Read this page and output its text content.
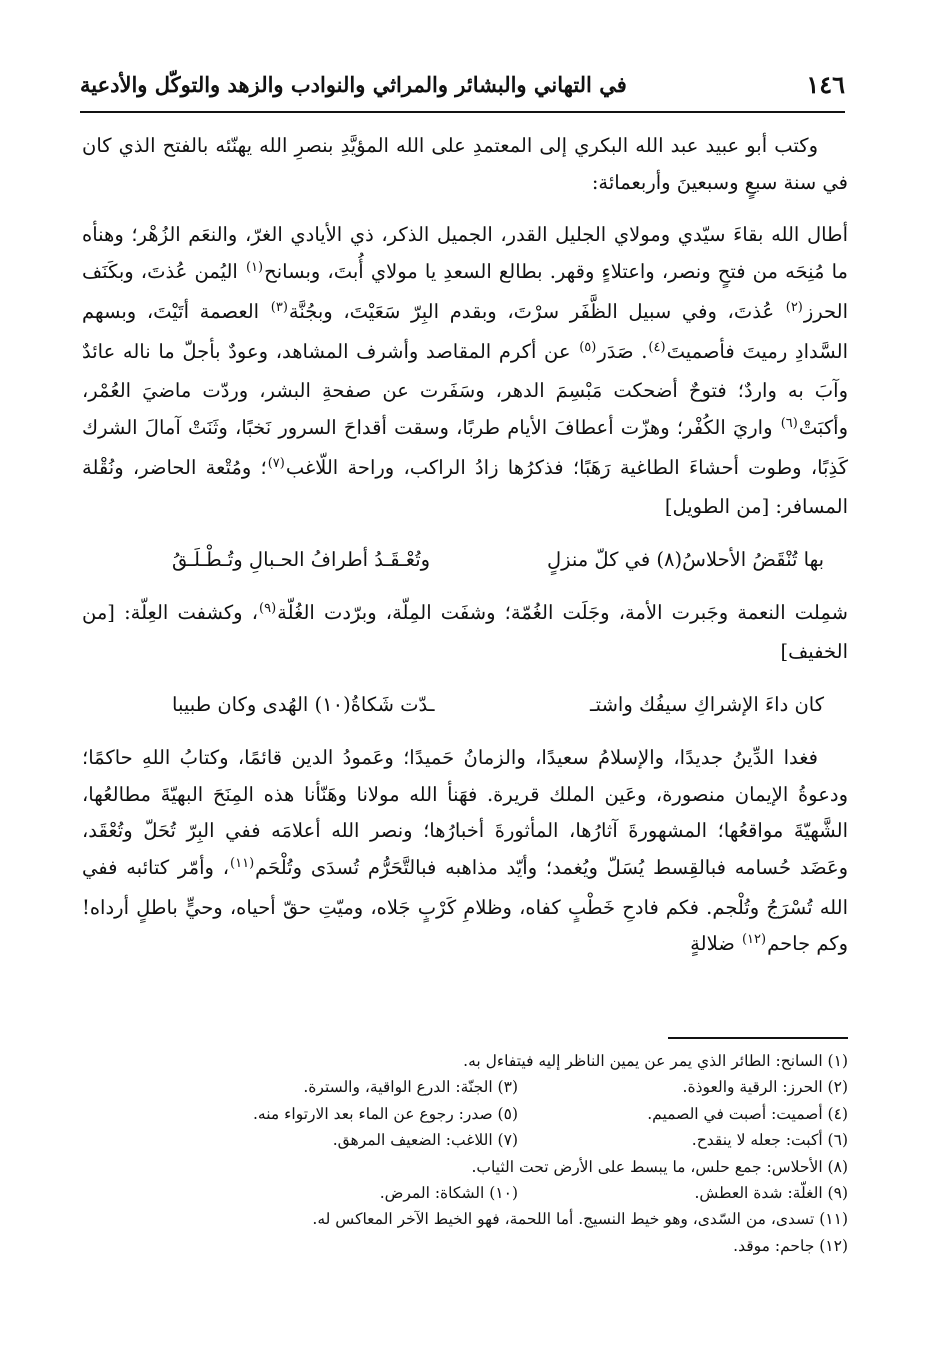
١٤٦
في التهاني والبشائر والمراثي والنوادب والزهد والتوكّل والأدعية

وكتب أبو عبيد عبد الله البكري إلى المعتمدِ على الله المؤيَّدِ بنصرِ الله يهنّئه بالفتح الذي كان في سنة سبعٍ وسبعينَ وأربعمائة:

أطال الله بقاءَ سيّدي ومولاي الجليل القدر، الجميل الذكر، ذي الأيادي الغرّ، والنعَم الزُهْر؛ وهنأه ما مُنِحَه من فتحٍ ونصر، واعتلاءٍ وقهر. بطالع السعدِ يا مولاي أُبتَ، وبسانح$^{(١)}$ اليُمن عُذتَ، وبكَنَف الحرز$^{(٢)}$ عُذتَ، وفي سبيل الظَّفَر سرْتَ، وبقدم البِرّ سَعَيْتَ، وبجُنَّة$^{(٣)}$ العصمة أتَيْتَ، وبسهم السَّدادِ رميتَ فأصميتَ$^{(٤)}$. صَدَر$^{(٥)}$ عن أكرم المقاصد وأشرف المشاهد، وعودٌ بأجلّ ما ناله عائدٌ وآبَ به واردٌ؛ فتوحٌ أضحكت مَبْسِمَ الدهر، وسَفَرت عن صفحةِ البشر، وردّت ماضيَ العُمْر، وأكبَتْ$^{(٦)}$ واريَ الكُفْر؛ وهزّت أعطافَ الأيام طربًا، وسقت أقداحَ السرور نَخبًا، وثَنَتْ آمالَ الشرك كَذِبًا، وطوت أحشاءَ الطاغية رَهَبًا؛ فذكرُها زادُ الراكب، وراحة اللّاغب$^{(٧)}$؛ ومُتْعة الحاضر، ونُقْلة المسافر: [من الطويل]

بها تُنْقَضُ الأحلاسُ(٨) في كلّ منزلٍ
وتُعْـقَـدُ أطرافُ الحـبالِ وتُـطْـلَـقُ

شمِلت النعمة وجَبرت الأمة، وجَلَت الغُمّة؛ وشفَت المِلّة، وبرّدت الغُلّة$^{(٩)}$، وكشفت العِلّة: [من الخفيف]

كان داءَ الإشراكِ سيفُك واشتـ
ـدّت شَكاةُ(١٠) الهُدى وكان طبيبا

فغدا الدِّينُ جديدًا، والإسلامُ سعيدًا، والزمانُ حَميدًا؛ وعَمودُ الدين قائمًا، وكتابُ اللهِ حاكمًا؛ ودعوةُ الإيمان منصورة، وعَين الملك قريرة. فهَنأ الله مولانا وهَنّأنا هذه المِنَحَ البهيّةَ مطالعُها، الشَّهيّةَ مواقعُها؛ المشهورةَ آثارُها، المأثورةَ أخبارُها؛ ونصر الله أعلامَه ففي البِرّ تُحَلّ وتُعْقَد، وعَضَد حُسامه فبالقِسط يُسَلّ ويُغمد؛ وأيّد مذاهبه فبالتَّحَرُّم تُسدَى وتُلْحَم$^{(١١)}$، وأمّر كتائبه ففي الله تُسْرَجُ وتُلْجم. فكم فادحِ خَطْبٍ كفاه، وظلامِ كَرْبٍ جَلاه، وميّتِ حقّ أحياه، وحيٍّ باطلٍ أرداه! وكم جاحم$^{(١٢)}$ ضلالةٍ

(١) السانح: الطائر الذي يمر عن يمين الناظر إليه فيتفاءل به.
(٢) الحرز: الرقية والعوذة.
(٣) الجنّة: الدرع الواقية، والسترة.
(٤) أصميت: أصبت في الصميم.
(٥) صدر: رجوع عن الماء بعد الارتواء منه.
(٦) أكبت: جعله لا ينقدح.
(٧) اللاغب: الضعيف المرهق.
(٨) الأحلاس: جمع حلس، ما يبسط على الأرض تحت الثياب.
(٩) الغلّة: شدة العطش.
(١٠) الشكاة: المرض.
(١١) تسدى، من السّدى، وهو خيط النسيج. أما اللحمة، فهو الخيط الآخر المعاكس له.
(١٢) جاحم: موقد.
